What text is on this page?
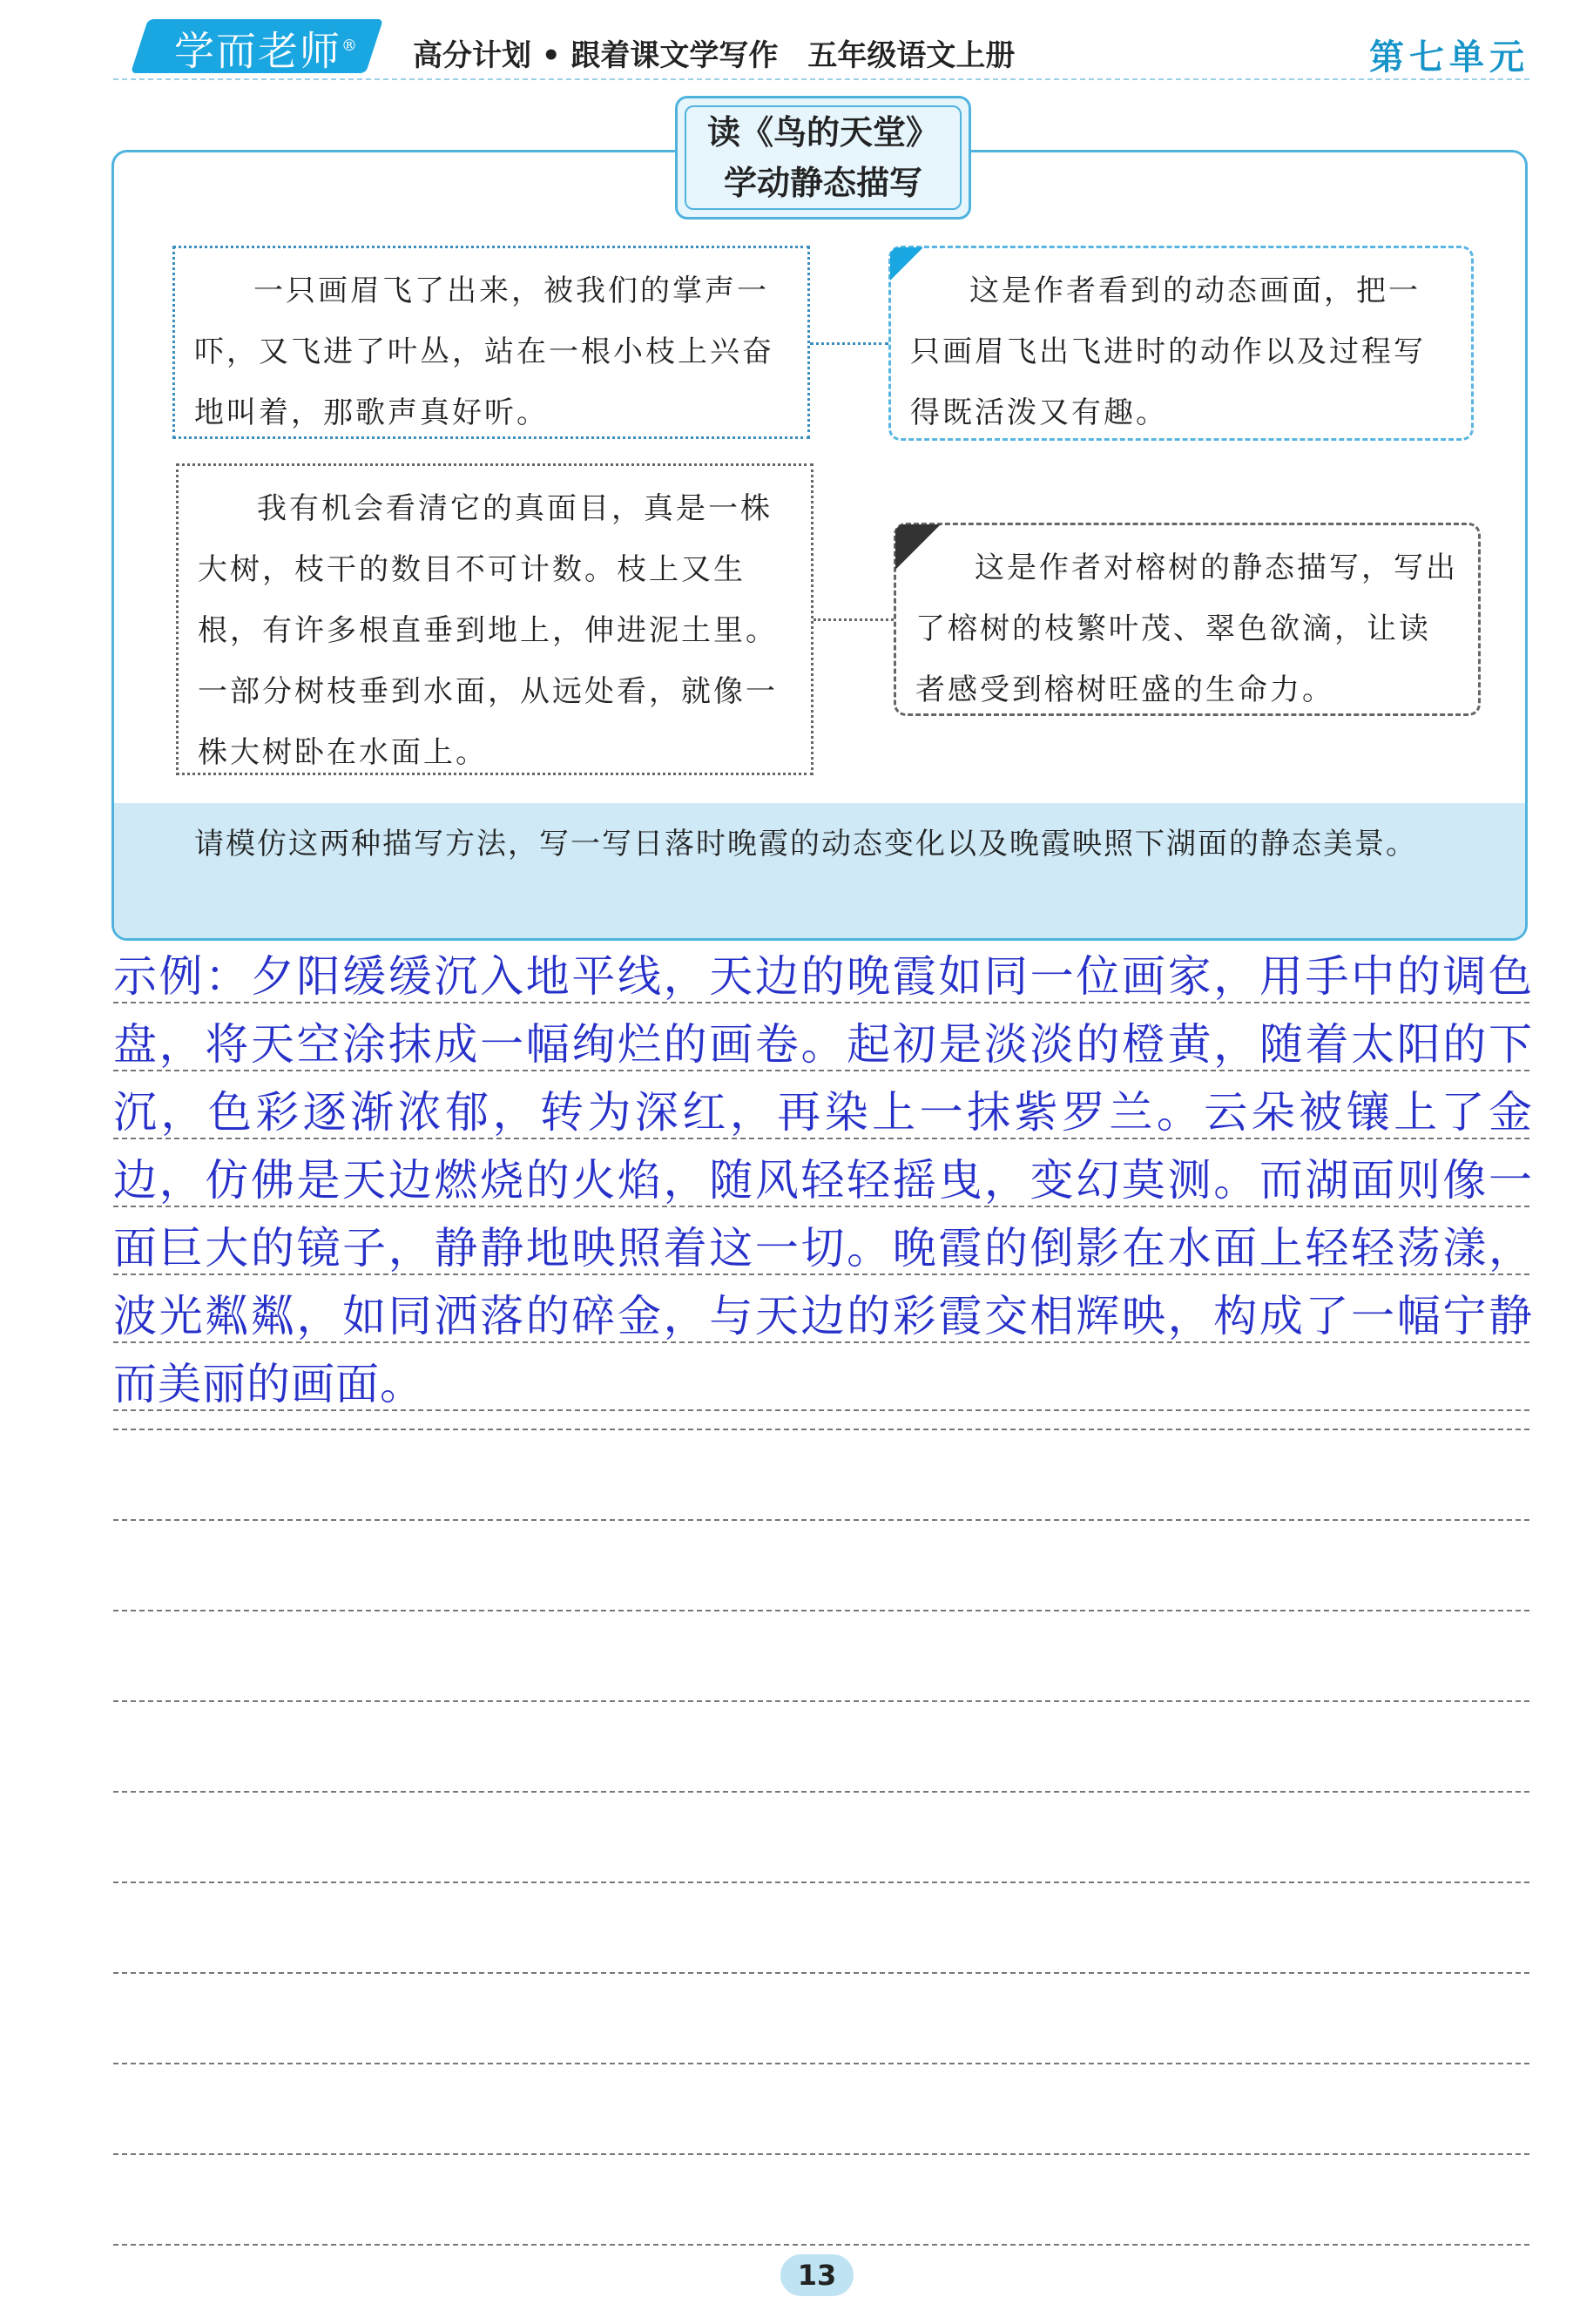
学而老师® 高分计划 • 跟着课文学写作　五年级语文上册	第七单元
读《鸟的天堂》
学动静态描写
一只画眉飞了出来，被我们的掌声一吓，又飞进了叶丛，站在一根小枝上兴奋地叫着，那歌声真好听。
这是作者看到的动态画面，把一只画眉飞出飞进时的动作以及过程写得既活泼又有趣。
我有机会看清它的真面目，真是一株大树，枝干的数目不可计数。枝上又生根，有许多根直垂到地上，伸进泥土里。一部分树枝垂到水面，从远处看，就像一株大树卧在水面上。
这是作者对榕树的静态描写，写出了榕树的枝繁叶茂、翠色欲滴，让读者感受到榕树旺盛的生命力。
请模仿这两种描写方法，写一写日落时晚霞的动态变化以及晚霞映照下湖面的静态美景。
示例：夕阳缓缓沉入地平线，天边的晚霞如同一位画家，用手中的调色盘，将天空涂抹成一幅绚烂的画卷。起初是淡淡的橙黄，随着太阳的下沉，色彩逐渐浓郁，转为深红，再染上一抹紫罗兰。云朵被镶上了金边，仿佛是天边燃烧的火焰，随风轻轻摇曳，变幻莫测。而湖面则像一面巨大的镜子，静静地映照着这一切。晚霞的倒影在水面上轻轻荡漾，波光粼粼，如同洒落的碎金，与天边的彩霞交相辉映，构成了一幅宁静而美丽的画面。
13
